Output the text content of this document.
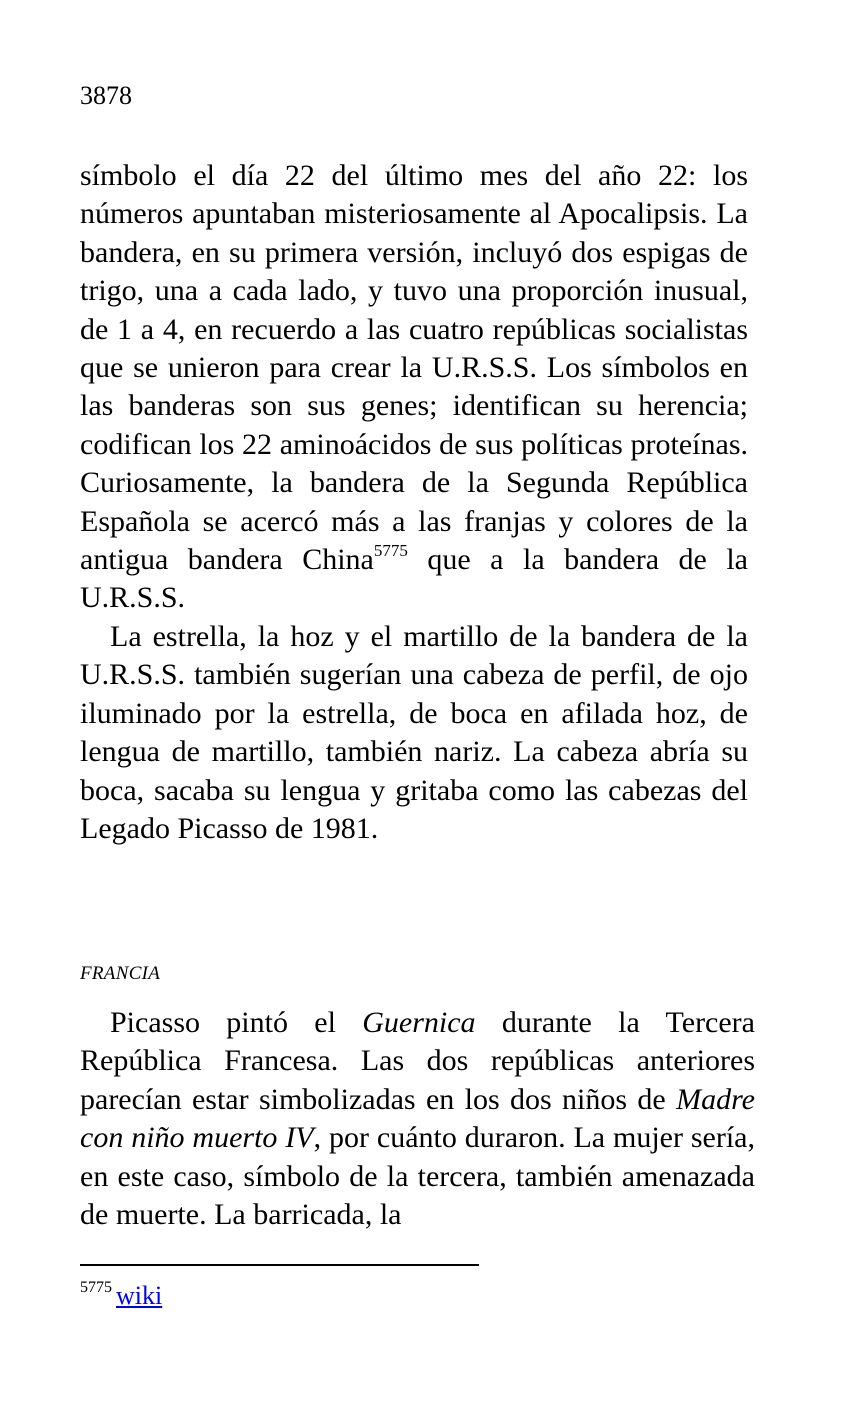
3878

símbolo el día 22 del último mes del año 22: los números apuntaban misteriosamente al Apocalipsis. La bandera, en su primera versión, incluyó dos espigas de trigo, una a cada lado, y tuvo una proporción inusual, de 1 a 4, en recuerdo a las cuatro repúblicas socialistas que se unieron para crear la U.R.S.S. Los símbolos en las banderas son sus genes; identifican su herencia; codifican los 22 aminoácidos de sus políticas proteínas. Curiosamente, la bandera de la Segunda República Española se acercó más a las franjas y colores de la antigua bandera China$^{5775}$ que a la bandera de la U.R.S.S.

La estrella, la hoz y el martillo de la bandera de la U.R.S.S. también sugerían una cabeza de perfil, de ojo iluminado por la estrella, de boca en afilada hoz, de lengua de martillo, también nariz. La cabeza abría su boca, sacaba su lengua y gritaba como las cabezas del Legado Picasso de 1981.

FRANCIA

Picasso pintó el Guernica durante la Tercera República Francesa. Las dos repúblicas anteriores parecían estar simbolizadas en los dos niños de Madre con niño muerto IV, por cuánto duraron. La mujer sería, en este caso, símbolo de la tercera, también amenazada de muerte. La barricada, la

$^{5775}$ wiki
